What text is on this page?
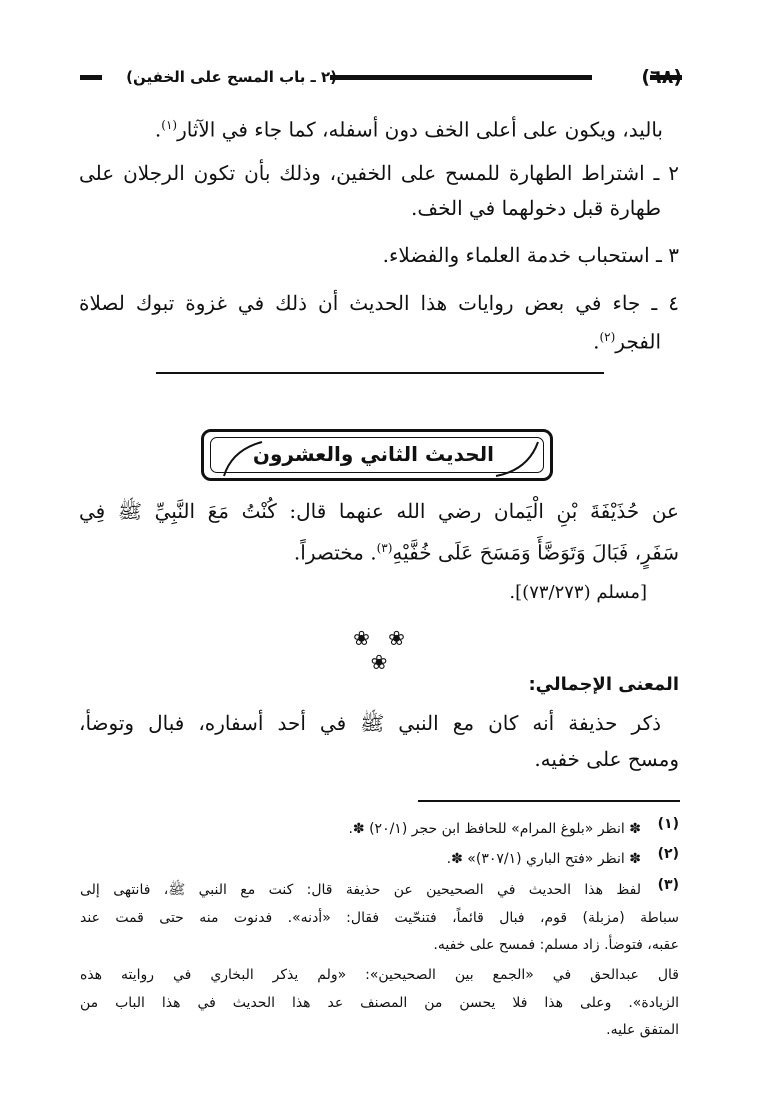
(٦٨)
(٢ ـ باب المسح على الخفين)
باليد، ويكون على أعلى الخف دون أسفله، كما جاء في الآثار$^{(١)}$.
٢ ـ اشتراط الطهارة للمسح على الخفين، وذلك بأن تكون الرجلان على
طهارة قبل دخولهما في الخف.
٣ ـ استحباب خدمة العلماء والفضلاء.
٤ ـ جاء في بعض روايات هذا الحديث أن ذلك في غزوة تبوك لصلاة
الفجر$^{(٢)}$.
الحديث الثاني والعشرون
عن حُذَيْفَةَ بْنِ الْيَمان رضي الله عنهما قال: كُنْتُ مَعَ النَّبِيِّ ﷺ فِي
سَفَرٍ، فَبَالَ وَتَوَضَّأَ وَمَسَحَ عَلَى خُفَّيْهِ$^{(٣)}$. مختصراً.
[مسلم (٧٣/٢٧٣)].
❀ ❀ ❀
المعنى الإجمالي:
ذكر حذيفة أنه كان مع النبي ﷺ في أحد أسفاره، فبال وتوضأ،
ومسح على خفيه.
(١)
✽ انظر «بلوغ المرام» للحافظ ابن حجر (٢٠/١) ✽.
(٢)
✽ انظر «فتح الباري (٣٠٧/١)» ✽.
(٣)
لفظ هذا الحديث في الصحيحين عن حذيفة قال: كنت مع النبي ﷺ، فانتهى إلى
سباطة (مزبلة) قوم، فبال قائماً، فتنحّيت فقال: «أدنه». فدنوت منه حتى قمت عند
عقبه، فتوضأ. زاد مسلم: فمسح على خفيه.
قال عبدالحق في «الجمع بين الصحيحين»: «ولم يذكر البخاري في روايته هذه
الزيادة». وعلى هذا فلا يحسن من المصنف عد هذا الحديث في هذا الباب من
المتفق عليه.
